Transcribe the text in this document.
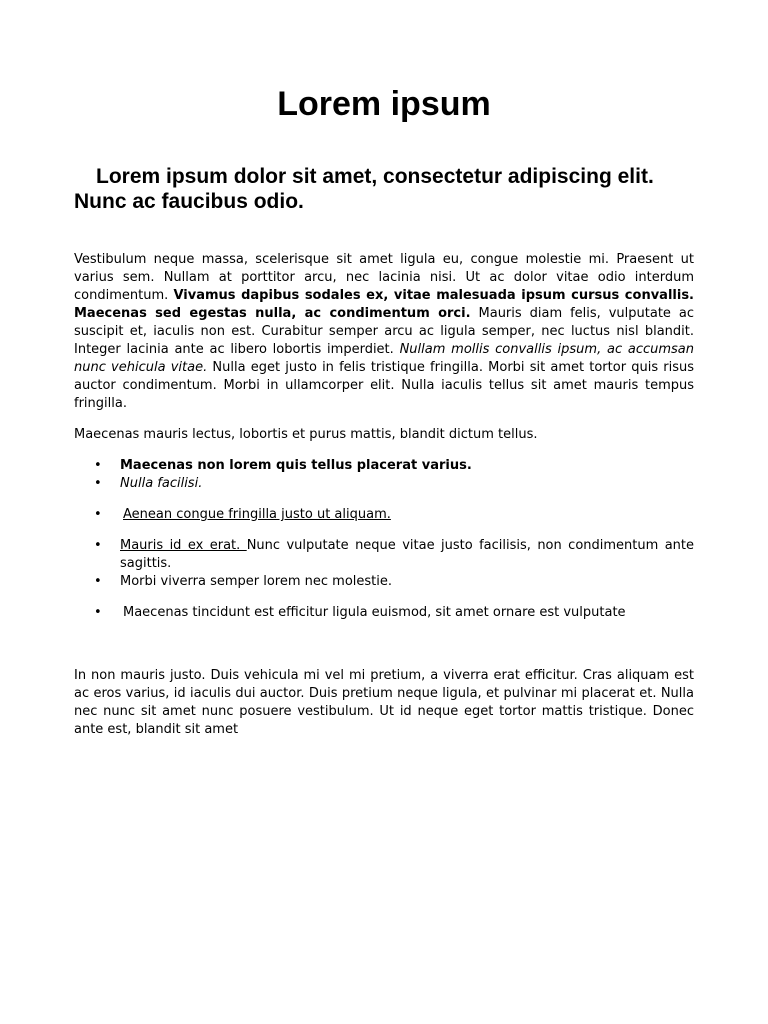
Lorem ipsum
Lorem ipsum dolor sit amet, consectetur adipiscing elit. Nunc ac faucibus odio.

Vestibulum neque massa, scelerisque sit amet ligula eu, congue molestie mi. Praesent ut varius sem. Nullam at porttitor arcu, nec lacinia nisi. Ut ac dolor vitae odio interdum condimentum. Vivamus dapibus sodales ex, vitae malesuada ipsum cursus convallis. Maecenas sed egestas nulla, ac condimentum orci. Mauris diam felis, vulputate ac suscipit et, iaculis non est. Curabitur semper arcu ac ligula semper, nec luctus nisl blandit. Integer lacinia ante ac libero lobortis imperdiet. Nullam mollis convallis ipsum, ac accumsan nunc vehicula vitae. Nulla eget justo in felis tristique fringilla. Morbi sit amet tortor quis risus auctor condimentum. Morbi in ullamcorper elit. Nulla iaculis tellus sit amet mauris tempus fringilla.

Maecenas mauris lectus, lobortis et purus mattis, blandit dictum tellus.

• Maecenas non lorem quis tellus placerat varius.
• Nulla facilisi.
• Aenean congue fringilla justo ut aliquam.
• Mauris id ex erat. Nunc vulputate neque vitae justo facilisis, non condimentum ante sagittis.
• Morbi viverra semper lorem nec molestie.
• Maecenas tincidunt est efficitur ligula euismod, sit amet ornare est vulputate

In non mauris justo. Duis vehicula mi vel mi pretium, a viverra erat efficitur. Cras aliquam est ac eros varius, id iaculis dui auctor. Duis pretium neque ligula, et pulvinar mi placerat et. Nulla nec nunc sit amet nunc posuere vestibulum. Ut id neque eget tortor mattis tristique. Donec ante est, blandit sit amet
